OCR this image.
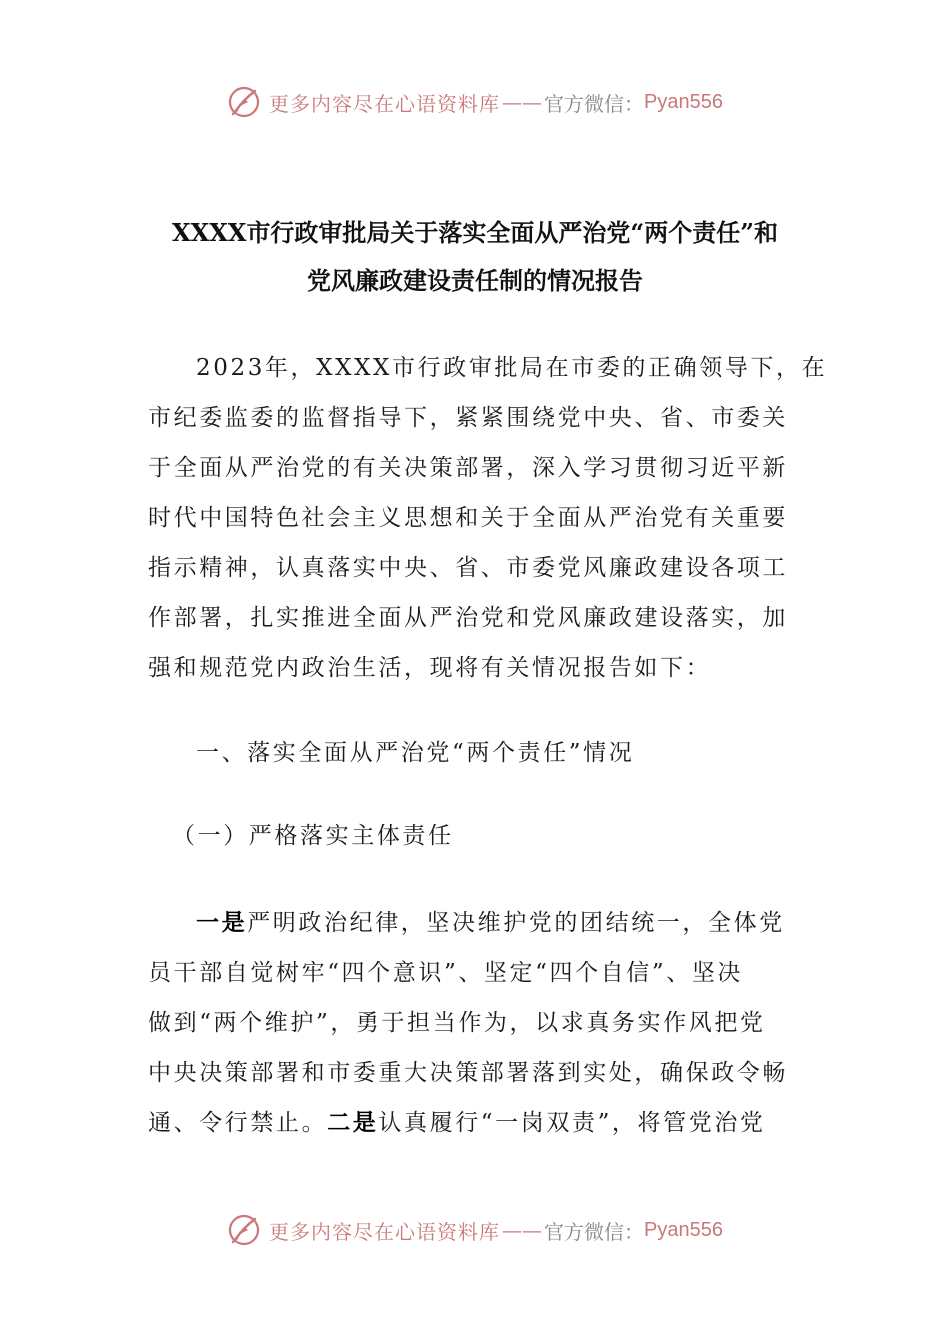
更多内容尽在心语资料库 —— 官方微信： Pyan556
XXXX市行政审批局关于落实全面从严治党“两个责任”和
党风廉政建设责任制的情况报告
2023年，XXXX市行政审批局在市委的正确领导下，在
市纪委监委的监督指导下，紧紧围绕党中央、省、市委关
于全面从严治党的有关决策部署，深入学习贯彻习近平新
时代中国特色社会主义思想和关于全面从严治党有关重要
指示精神，认真落实中央、省、市委党风廉政建设各项工
作部署，扎实推进全面从严治党和党风廉政建设落实，加
强和规范党内政治生活，现将有关情况报告如下：
一、落实全面从严治党“两个责任”情况
（一）严格落实主体责任
一是严明政治纪律，坚决维护党的团结统一，全体党
员干部自觉树牢“四个意识”、坚定“四个自信”、坚决
做到“两个维护”，勇于担当作为，以求真务实作风把党
中央决策部署和市委重大决策部署落到实处，确保政令畅
通、令行禁止。二是认真履行“一岗双责”，将管党治党
更多内容尽在心语资料库 —— 官方微信： Pyan556
